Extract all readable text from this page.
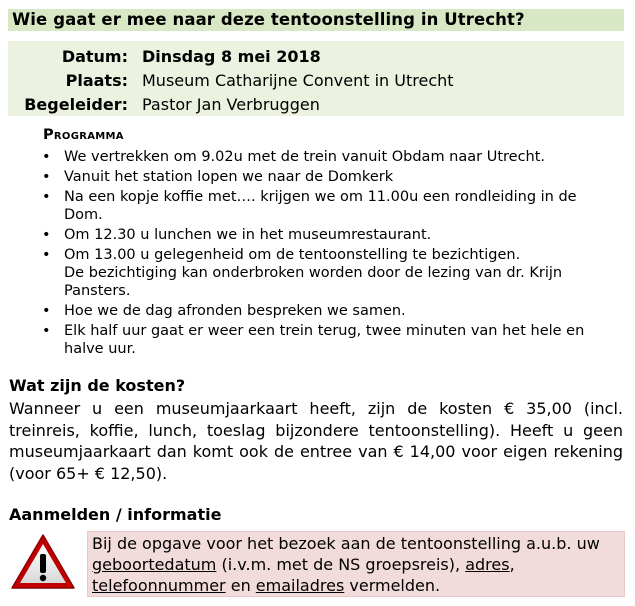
Wie gaat er mee naar deze tentoonstelling in Utrecht?
Datum: Dinsdag 8 mei 2018
Plaats: Museum Catharijne Convent in Utrecht
Begeleider: Pastor Jan Verbruggen
Programma
• We vertrekken om 9.02u met de trein vanuit Obdam naar Utrecht.
• Vanuit het station lopen we naar de Domkerk
• Na een kopje koffie met…. krijgen we om 11.00u een rondleiding in de Dom.
• Om 12.30 u lunchen we in het museumrestaurant.
• Om 13.00 u gelegenheid om de tentoonstelling te bezichtigen.
De bezichtiging kan onderbroken worden door de lezing van dr. Krijn Pansters.
• Hoe we de dag afronden bespreken we samen.
• Elk half uur gaat er weer een trein terug, twee minuten van het hele en halve uur.
Wat zijn de kosten?
Wanneer u een museumjaarkaart heeft, zijn de kosten € 35,00 (incl. treinreis, koffie, lunch, toeslag bijzondere tentoonstelling). Heeft u geen museumjaarkaart dan komt ook de entree van € 14,00 voor eigen rekening (voor 65+ € 12,50).
Aanmelden / informatie
Bij de opgave voor het bezoek aan de tentoonstelling a.u.b. uw geboortedatum (i.v.m. met de NS groepsreis), adres, telefoonnummer en emailadres vermelden.
